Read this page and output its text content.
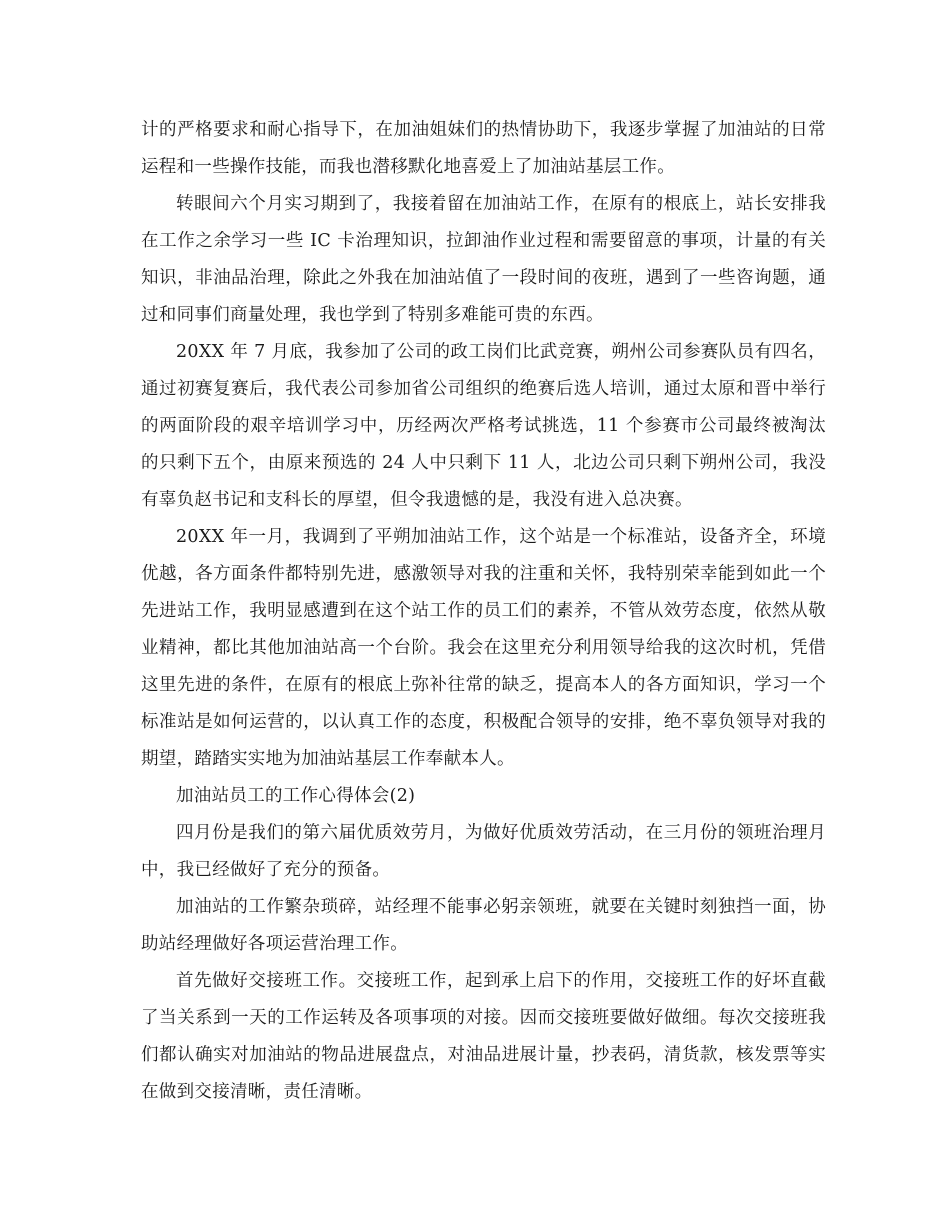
计的严格要求和耐心指导下，在加油姐妹们的热情协助下，我逐步掌握了加油站的日常运程和一些操作技能，而我也潜移默化地喜爱上了加油站基层工作。

转眼间六个月实习期到了，我接着留在加油站工作，在原有的根底上，站长安排我在工作之余学习一些 IC 卡治理知识，拉卸油作业过程和需要留意的事项，计量的有关知识，非油品治理，除此之外我在加油站值了一段时间的夜班，遇到了一些咨询题，通过和同事们商量处理，我也学到了特别多难能可贵的东西。

20XX 年 7 月底，我参加了公司的政工岗们比武竞赛，朔州公司参赛队员有四名，通过初赛复赛后，我代表公司参加省公司组织的绝赛后选人培训，通过太原和晋中举行的两面阶段的艰辛培训学习中，历经两次严格考试挑选，11 个参赛市公司最终被淘汰的只剩下五个，由原来预选的 24 人中只剩下 11 人，北边公司只剩下朔州公司，我没有辜负赵书记和支科长的厚望，但令我遗憾的是，我没有进入总决赛。

20XX 年一月，我调到了平朔加油站工作，这个站是一个标准站，设备齐全，环境优越，各方面条件都特别先进，感激领导对我的注重和关怀，我特别荣幸能到如此一个先进站工作，我明显感遭到在这个站工作的员工们的素养，不管从效劳态度，依然从敬业精神，都比其他加油站高一个台阶。我会在这里充分利用领导给我的这次时机，凭借这里先进的条件，在原有的根底上弥补往常的缺乏，提高本人的各方面知识，学习一个标准站是如何运营的，以认真工作的态度，积极配合领导的安排，绝不辜负领导对我的期望，踏踏实实地为加油站基层工作奉献本人。

加油站员工的工作心得体会(2)

四月份是我们的第六届优质效劳月，为做好优质效劳活动，在三月份的领班治理月中，我已经做好了充分的预备。

加油站的工作繁杂琐碎，站经理不能事必躬亲领班，就要在关键时刻独挡一面，协助站经理做好各项运营治理工作。

首先做好交接班工作。交接班工作，起到承上启下的作用，交接班工作的好坏直截了当关系到一天的工作运转及各项事项的对接。因而交接班要做好做细。每次交接班我们都认确实对加油站的物品进展盘点，对油品进展计量，抄表码，清货款，核发票等实在做到交接清晰，责任清晰。
